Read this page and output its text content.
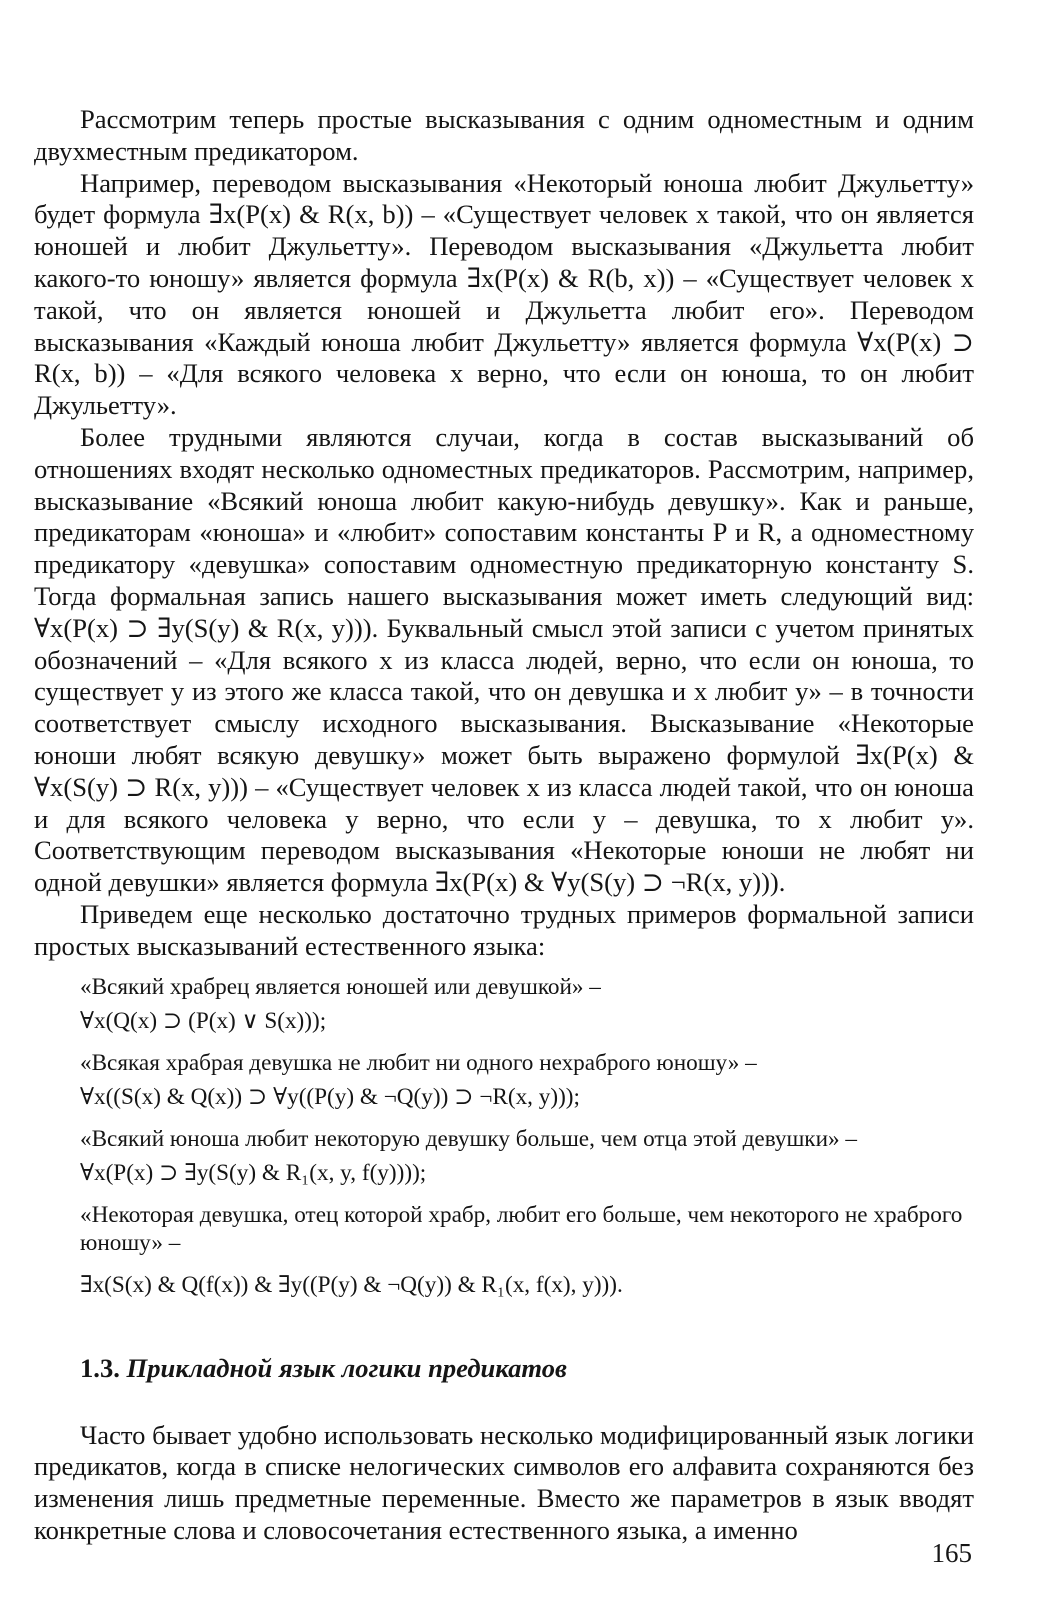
Рассмотрим теперь простые высказывания с одним одноместным и одним двухместным предикатором.

Например, переводом высказывания «Некоторый юноша любит Джульетту» будет формула ∃x(P(x) & R(x, b)) – «Существует человек x такой, что он является юношей и любит Джульетту». Переводом высказывания «Джульетта любит какого-то юношу» является формула ∃x(P(x) & R(b, x)) – «Существует человек x такой, что он является юношей и Джульетта любит его». Переводом высказывания «Каждый юноша любит Джульетту» является формула ∀x(P(x) ⊃ R(x, b)) – «Для всякого человека x верно, что если он юноша, то он любит Джульетту».

Более трудными являются случаи, когда в состав высказываний об отношениях входят несколько одноместных предикаторов. Рассмотрим, например, высказывание «Всякий юноша любит какую-нибудь девушку». Как и раньше, предикаторам «юноша» и «любит» сопоставим константы P и R, а одноместному предикатору «девушка» сопоставим одноместную предикаторную константу S. Тогда формальная запись нашего высказывания может иметь следующий вид: ∀x(P(x) ⊃ ∃y(S(y) & R(x, y))). Буквальный смысл этой записи с учетом принятых обозначений – «Для всякого x из класса людей, верно, что если он юноша, то существует y из этого же класса такой, что он девушка и x любит y» – в точности соответствует смыслу исходного высказывания. Высказывание «Некоторые юноши любят всякую девушку» может быть выражено формулой ∃x(P(x) & ∀x(S(y) ⊃ R(x, y))) – «Существует человек x из класса людей такой, что он юноша и для всякого человека y верно, что если y – девушка, то x любит y». Соответствующим переводом высказывания «Некоторые юноши не любят ни одной девушки» является формула ∃x(P(x) & ∀y(S(y) ⊃ ¬R(x, y))).

Приведем еще несколько достаточно трудных примеров формальной записи простых высказываний естественного языка:

«Всякий храбрец является юношей или девушкой» –

∀x(Q(x) ⊃ (P(x) ∨ S(x)));

«Всякая храбрая девушка не любит ни одного нехраброго юношу» –

∀x((S(x) & Q(x)) ⊃ ∀y((P(y) & ¬Q(y)) ⊃ ¬R(x, y)));

«Всякий юноша любит некоторую девушку больше, чем отца этой девушки» –

∀x(P(x) ⊃ ∃y(S(y) & R₁(x, y, f(y))));

«Некоторая девушка, отец которой храбр, любит его больше, чем некоторого не храброго юношу» –

∃x(S(x) & Q(f(x)) & ∃y((P(y) & ¬Q(y)) & R₁(x, f(x), y))).

1.3. Прикладной язык логики предикатов

Часто бывает удобно использовать несколько модифицированный язык логики предикатов, когда в списке нелогических символов его алфавита сохраняются без изменения лишь предметные переменные. Вместо же параметров в язык вводят конкретные слова и словосочетания естественного языка, а именно

165
